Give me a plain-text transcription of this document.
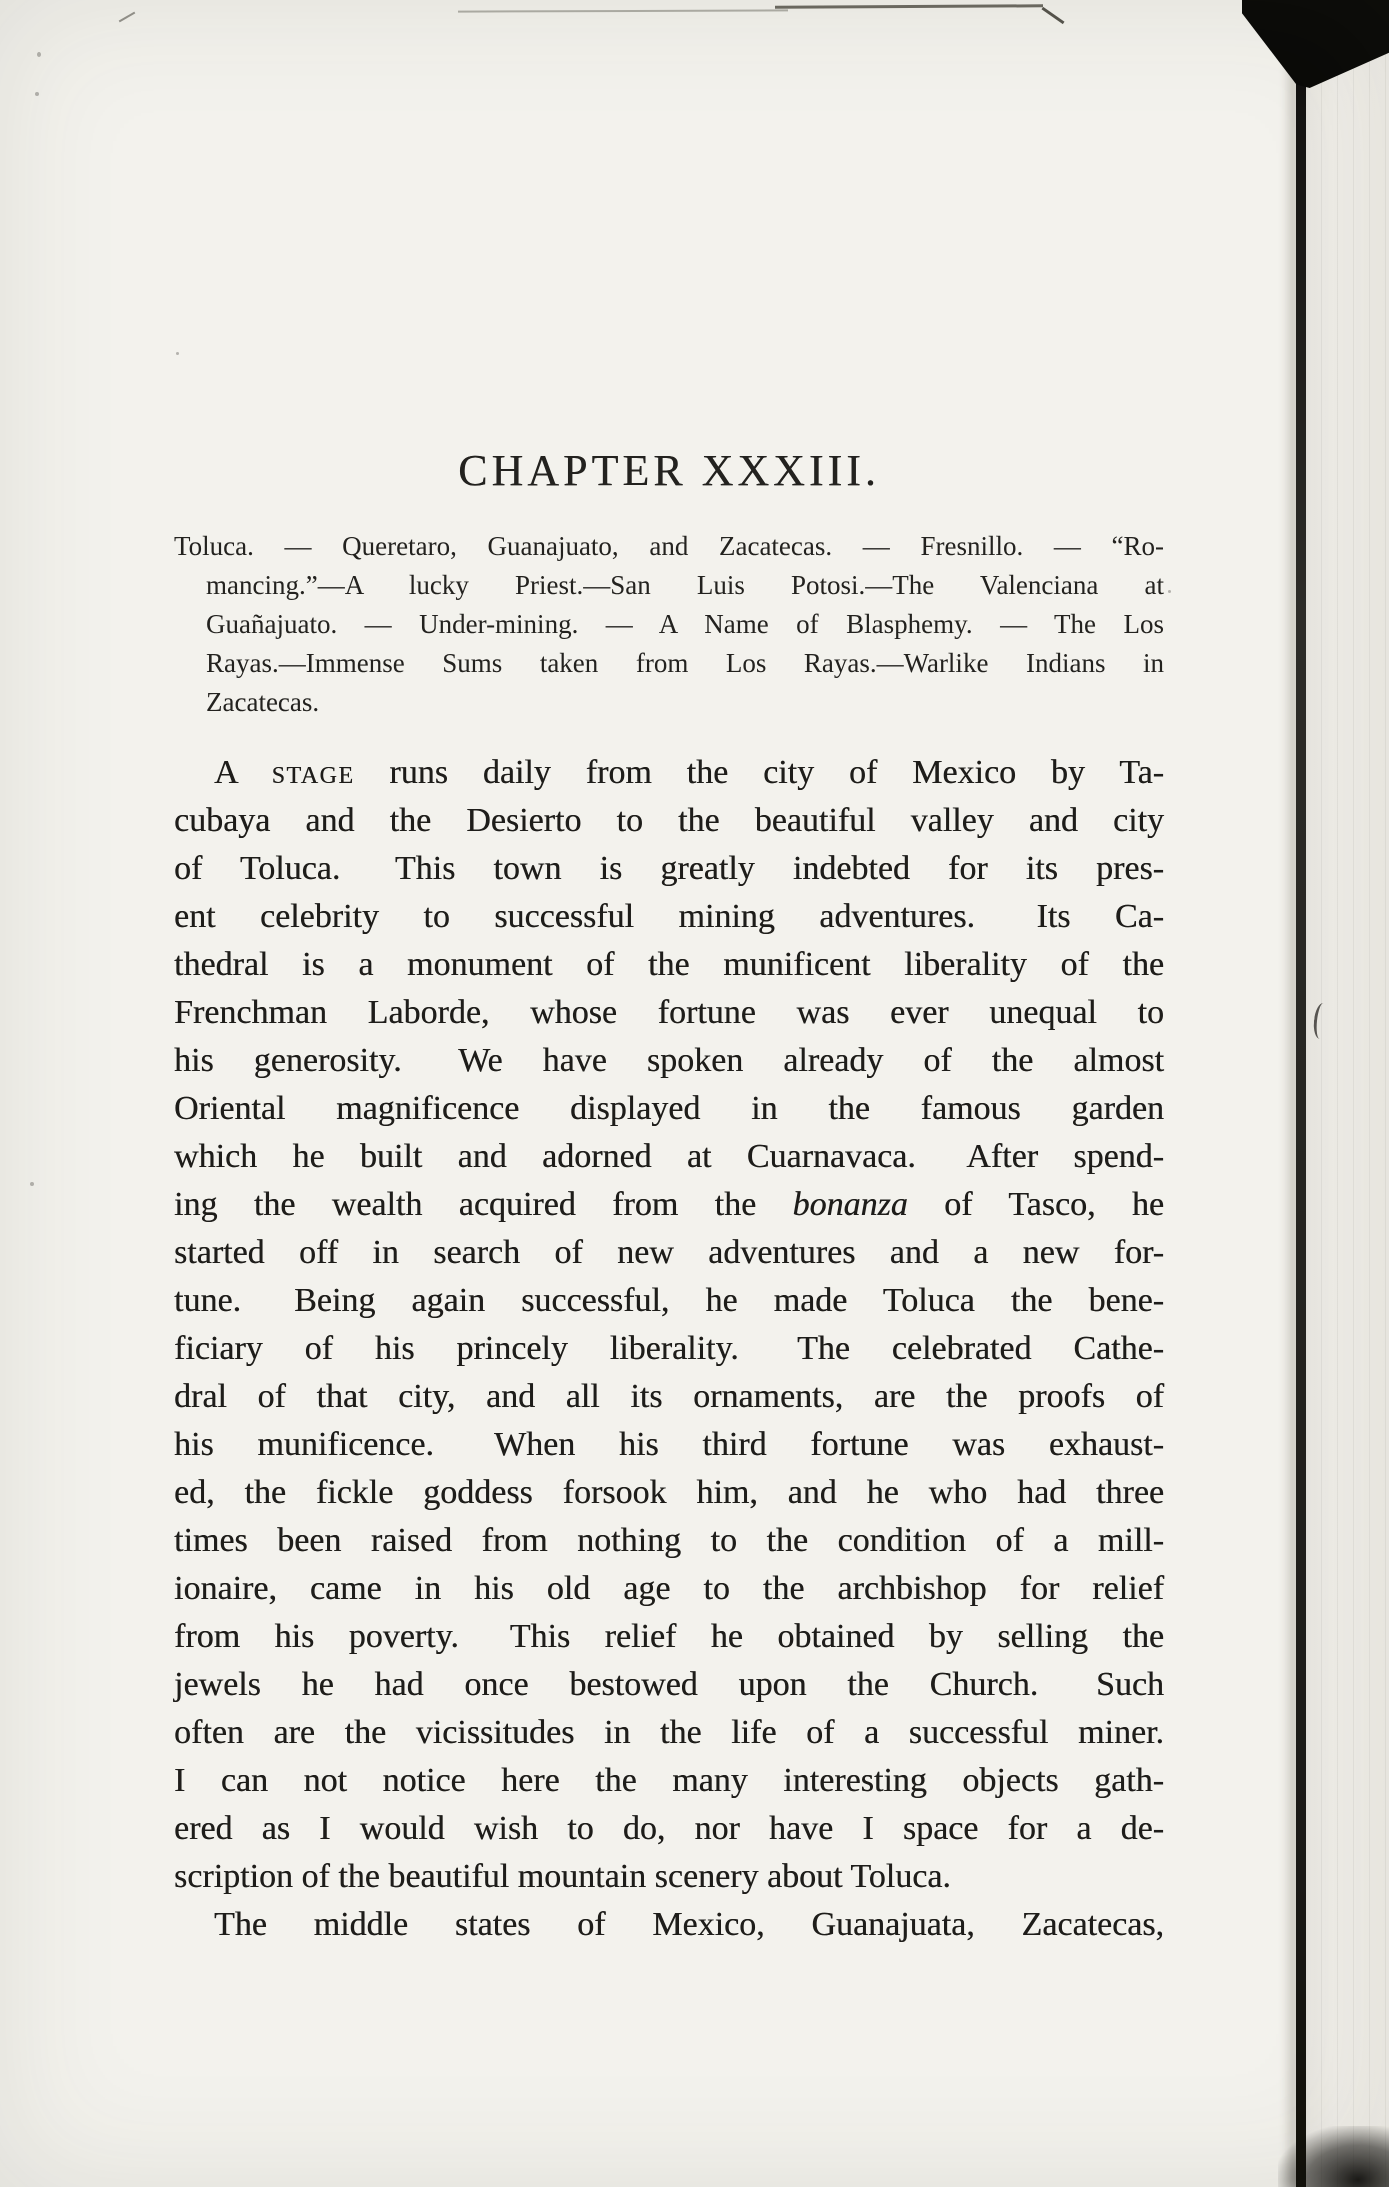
CHAPTER XXXIII.
Toluca. — Queretaro, Guanajuato, and Zacatecas. — Fresnillo. — “Ro-
mancing.”—A lucky Priest.—San Luis Potosi.—The Valenciana at
Guañajuato. — Under-mining. — A Name of Blasphemy. — The Los
Rayas.—Immense Sums taken from Los Rayas.—Warlike Indians in
Zacatecas.
A stage runs daily from the city of Mexico by Ta-
cubaya and the Desierto to the beautiful valley and city
of Toluca.  This town is greatly indebted for its pres-
ent celebrity to successful mining adventures.  Its Ca-
thedral is a monument of the munificent liberality of the
Frenchman Laborde, whose fortune was ever unequal to
his generosity.  We have spoken already of the almost
Oriental magnificence displayed in the famous garden
which he built and adorned at Cuarnavaca.  After spend-
ing the wealth acquired from the bonanza of Tasco, he
started off in search of new adventures and a new for-
tune.  Being again successful, he made Toluca the bene-
ficiary of his princely liberality.  The celebrated Cathe-
dral of that city, and all its ornaments, are the proofs of
his munificence.  When his third fortune was exhaust-
ed, the fickle goddess forsook him, and he who had three
times been raised from nothing to the condition of a mill-
ionaire, came in his old age to the archbishop for relief
from his poverty.  This relief he obtained by selling the
jewels he had once bestowed upon the Church.  Such
often are the vicissitudes in the life of a successful miner.
I can not notice here the many interesting objects gath-
ered as I would wish to do, nor have I space for a de-
scription of the beautiful mountain scenery about Toluca.
The middle states of Mexico, Guanajuata, Zacatecas,
